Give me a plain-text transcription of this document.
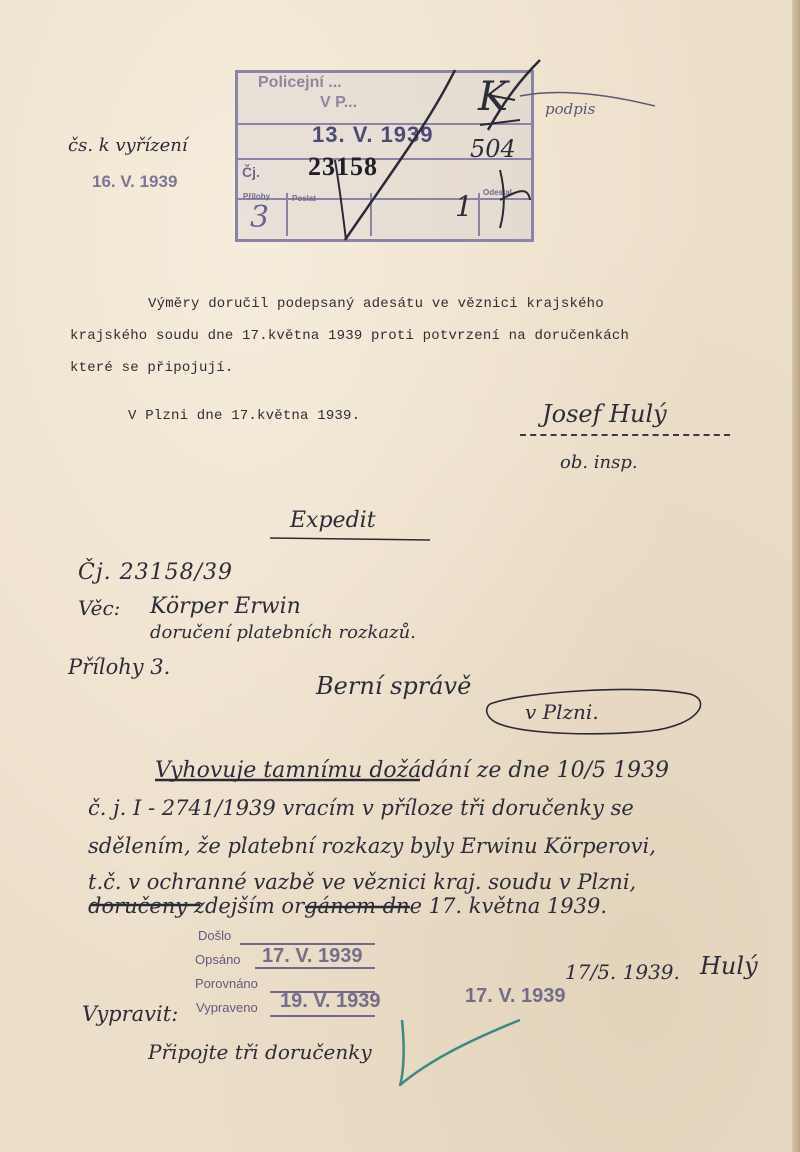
Policejní ...
V P...
13. V. 1939
Čj. 23158
Přílohy
3
Poslat
Odeslal
1
čs. k vyřízení
16. V. 1939
K podpis
504
Výměry doručil podepsaný adesátu ve věznici krajského
krajského soudu dne 17.května 1939 proti potvrzení na doručenkách
které se připojují.
V Plzni dne 17.května 1939.	Josef Hulý
ob. insp.
Expedit
Čj. 23158/39
Věc: Körper Erwin
doručení platebních rozkazů.
Přílohy 3.
Berní správě
v Plzni.
Vyhovuje tamnímu dožádání ze dne 10/5 1939
č. j. I - 2741/1939 vracím v příloze tři doručenky se
sdělením, že platební rozkazy byly Erwinu Körperovi,
t.č. v ochranné vazbě ve věznici kraj. soudu v Plzni,
doručeny zdejším orgánem dne 17. května 1939.
Došlo
Opsáno 17. V. 1939
Porovnáno
Vypraveno 19. V. 1939	17. V. 1939
17/5. 1939. Hulý
Vypravit:
Připojte tři doručenky
